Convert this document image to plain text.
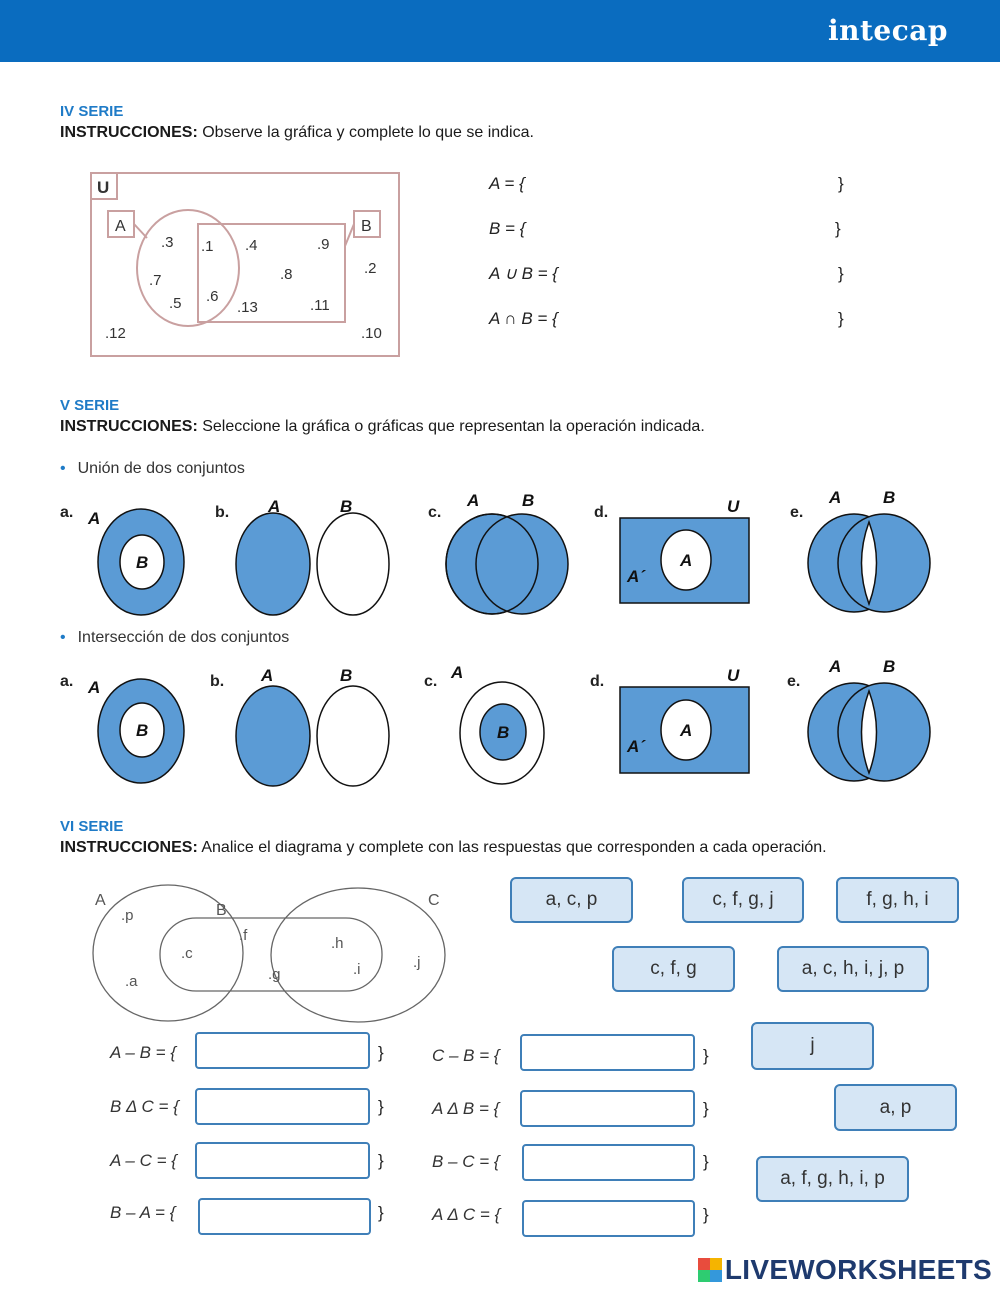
intecap
IV SERIE
INSTRUCCIONES: Observe la gráfica y complete lo que se indica.
U
A	B
.3 .1 .4	.9
.2
.7	.8
.5 .6
.13	.11
.12	.10
A = {	}
B = {	}
A ∪ B = {	}
A ∩ B = {	}
V SERIE
INSTRUCCIONES: Seleccione la gráfica o gráficas que representan la operación indicada.
• Unión de dos conjuntos
a. A
B
b. A	B	c.
A	B
d.	U
A
A´
e.
A B
• Intersección de dos conjuntos
a. A
B
b. A	B	c. A
B
d.	U
A
A´
e.
A B
VI SERIE
INSTRUCCIONES: Analice el diagrama y complete con las respuestas que corresponden a cada operación.
A
B
C
.p
.f
.c
.h
.a	.g	.i	.j
a, c, p	c, f, g, j	f, g, h, i
c, f, g	a, c, h, i, j, p
j
a, p
a, f, g, h, i, p
A – B = {	}
B Δ C = {	}
A – C = {	}
B – A = {	}
C – B = {	}
A Δ B = {	}
B – C = {	}
A Δ C = {	}
LIVEWORKSHEETS
